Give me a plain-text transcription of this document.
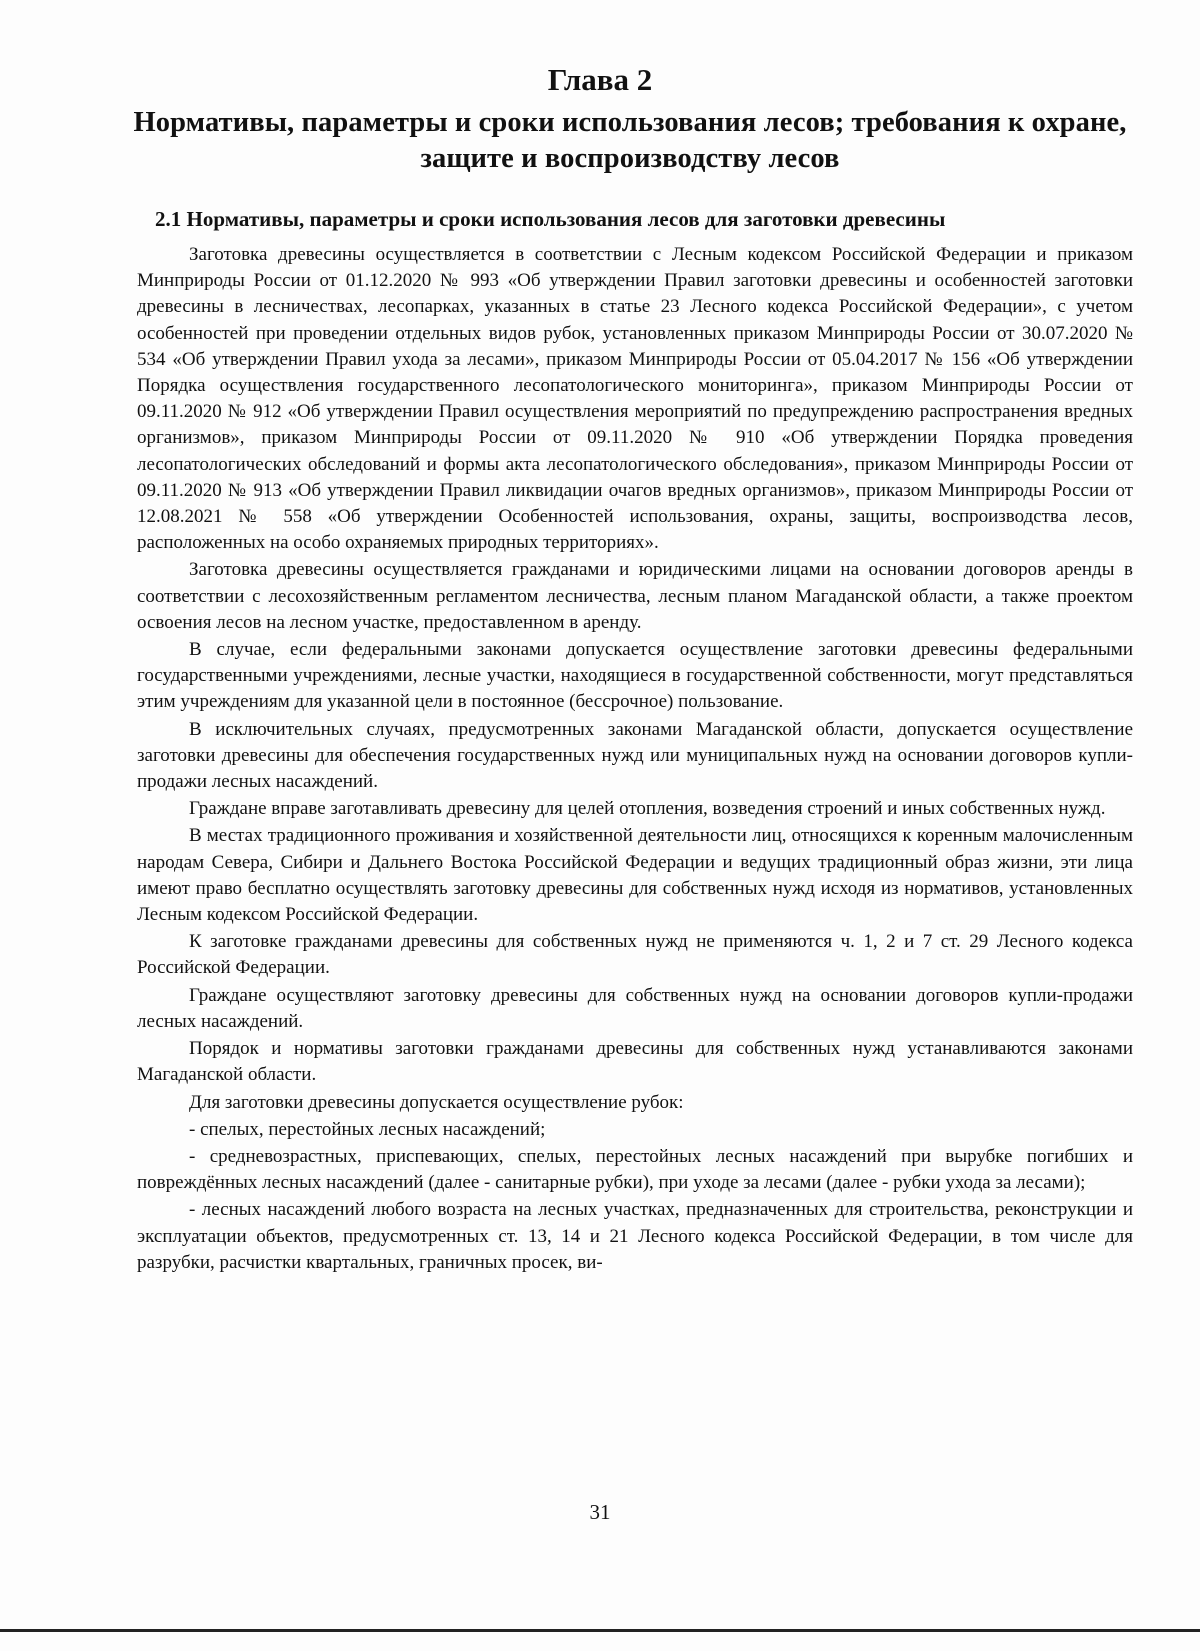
Глава 2
Нормативы, параметры и сроки использования лесов; требования к охране, защите и воспроизводству лесов
2.1 Нормативы, параметры и сроки использования лесов для заготовки древесины

Заготовка древесины осуществляется в соответствии с Лесным кодексом Российской Федерации и приказом Минприроды России от 01.12.2020 № 993 «Об утверждении Правил заготовки древесины и особенностей заготовки древесины в лесничествах, лесопарках, указанных в статье 23 Лесного кодекса Российской Федерации», с учетом особенностей при проведении отдельных видов рубок, установленных приказом Минприроды России от 30.07.2020 № 534 «Об утверждении Правил ухода за лесами», приказом Минприроды России от 05.04.2017 № 156 «Об утверждении Порядка осуществления государственного лесопатологического мониторинга», приказом Минприроды России от 09.11.2020 № 912 «Об утверждении Правил осуществления мероприятий по предупреждению распространения вредных организмов», приказом Минприроды России от 09.11.2020 № 910 «Об утверждении Порядка проведения лесопатологических обследований и формы акта лесопатологического обследования», приказом Минприроды России от 09.11.2020 № 913 «Об утверждении Правил ликвидации очагов вредных организмов», приказом Минприроды России от 12.08.2021 № 558 «Об утверждении Особенностей использования, охраны, защиты, воспроизводства лесов, расположенных на особо охраняемых природных территориях».

Заготовка древесины осуществляется гражданами и юридическими лицами на основании договоров аренды в соответствии с лесохозяйственным регламентом лесничества, лесным планом Магаданской области, а также проектом освоения лесов на лесном участке, предоставленном в аренду.

В случае, если федеральными законами допускается осуществление заготовки древесины федеральными государственными учреждениями, лесные участки, находящиеся в государственной собственности, могут представляться этим учреждениям для указанной цели в постоянное (бессрочное) пользование.

В исключительных случаях, предусмотренных законами Магаданской области, допускается осуществление заготовки древесины для обеспечения государственных нужд или муниципальных нужд на основании договоров купли-продажи лесных насаждений.

Граждане вправе заготавливать древесину для целей отопления, возведения строений и иных собственных нужд.

В местах традиционного проживания и хозяйственной деятельности лиц, относящихся к коренным малочисленным народам Севера, Сибири и Дальнего Востока Российской Федерации и ведущих традиционный образ жизни, эти лица имеют право бесплатно осуществлять заготовку древесины для собственных нужд исходя из нормативов, установленных Лесным кодексом Российской Федерации.

К заготовке гражданами древесины для собственных нужд не применяются ч. 1, 2 и 7 ст. 29 Лесного кодекса Российской Федерации.

Граждане осуществляют заготовку древесины для собственных нужд на основании договоров купли-продажи лесных насаждений.

Порядок и нормативы заготовки гражданами древесины для собственных нужд устанавливаются законами Магаданской области.

Для заготовки древесины допускается осуществление рубок:

- спелых, перестойных лесных насаждений;

- средневозрастных, приспевающих, спелых, перестойных лесных насаждений при вырубке погибших и повреждённых лесных насаждений (далее - санитарные рубки), при уходе за лесами (далее - рубки ухода за лесами);

- лесных насаждений любого возраста на лесных участках, предназначенных для строительства, реконструкции и эксплуатации объектов, предусмотренных ст. 13, 14 и 21 Лесного кодекса Российской Федерации, в том числе для разрубки, расчистки квартальных, граничных просек, ви-

31
